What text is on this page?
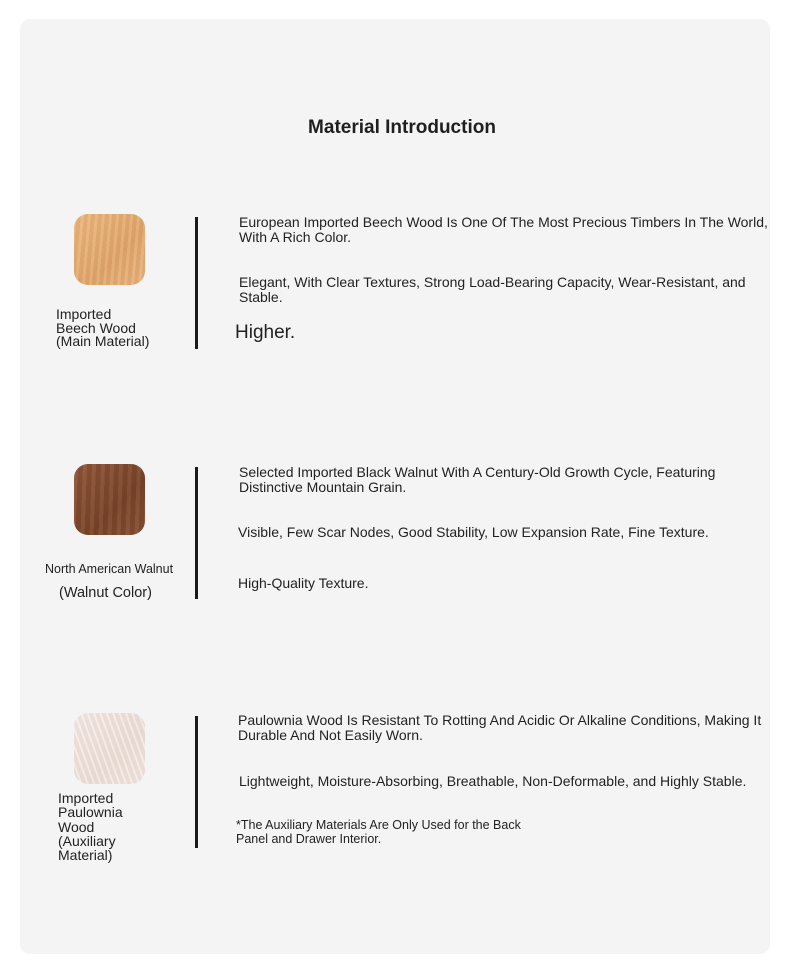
Material Introduction
Imported
Beech Wood
(Main Material)
European Imported Beech Wood Is One Of The Most Precious Timbers In The World, With A Rich Color.
Elegant, With Clear Textures, Strong Load-Bearing Capacity, Wear-Resistant, and Stable.
Higher.
North American Walnut
(Walnut Color)
Selected Imported Black Walnut With A Century-Old Growth Cycle, Featuring Distinctive Mountain Grain.
Visible, Few Scar Nodes, Good Stability, Low Expansion Rate, Fine Texture.
High-Quality Texture.
Imported
Paulownia
Wood
(Auxiliary
Material)
Paulownia Wood Is Resistant To Rotting And Acidic Or Alkaline Conditions, Making It Durable And Not Easily Worn.
Lightweight, Moisture-Absorbing, Breathable, Non-Deformable, and Highly Stable.
*The Auxiliary Materials Are Only Used for the Back Panel and Drawer Interior.
